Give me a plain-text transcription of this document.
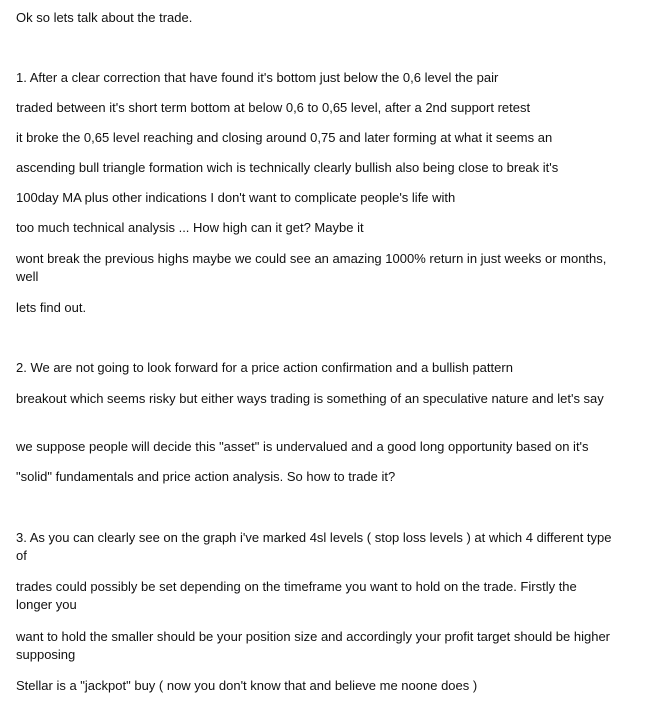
Ok so lets talk about the trade.
1. After a clear correction that have found it's bottom just below the 0,6 level the pair
traded between it's short term bottom at below 0,6 to 0,65 level, after a 2nd support retest
it broke the 0,65 level reaching and closing around 0,75 and later forming at what it seems an
ascending bull triangle formation wich is technically clearly bullish also being close to break it's
100day MA plus other indications I don't want to complicate people's life with
too much technical analysis ... How high can it get? Maybe it
wont break the previous highs maybe we could see an amazing 1000% return in just weeks or months, well
lets find out.
2. We are not going to look forward for a price action confirmation and a bullish pattern
breakout which seems risky but either ways trading is something of an speculative nature and let's say
we suppose people will decide this "asset" is undervalued and a good long opportunity based on it's
"solid" fundamentals and price action analysis. So how to trade it?
3. As you can clearly see on the graph i've marked 4sl levels ( stop loss levels ) at which 4 different type of
trades could possibly be set depending on the timeframe you want to hold on the trade. Firstly the longer you
want to hold the smaller should be your position size and accordingly your profit target should be higher supposing
Stellar is a "jackpot" buy ( now you don't know that and believe me noone does )
